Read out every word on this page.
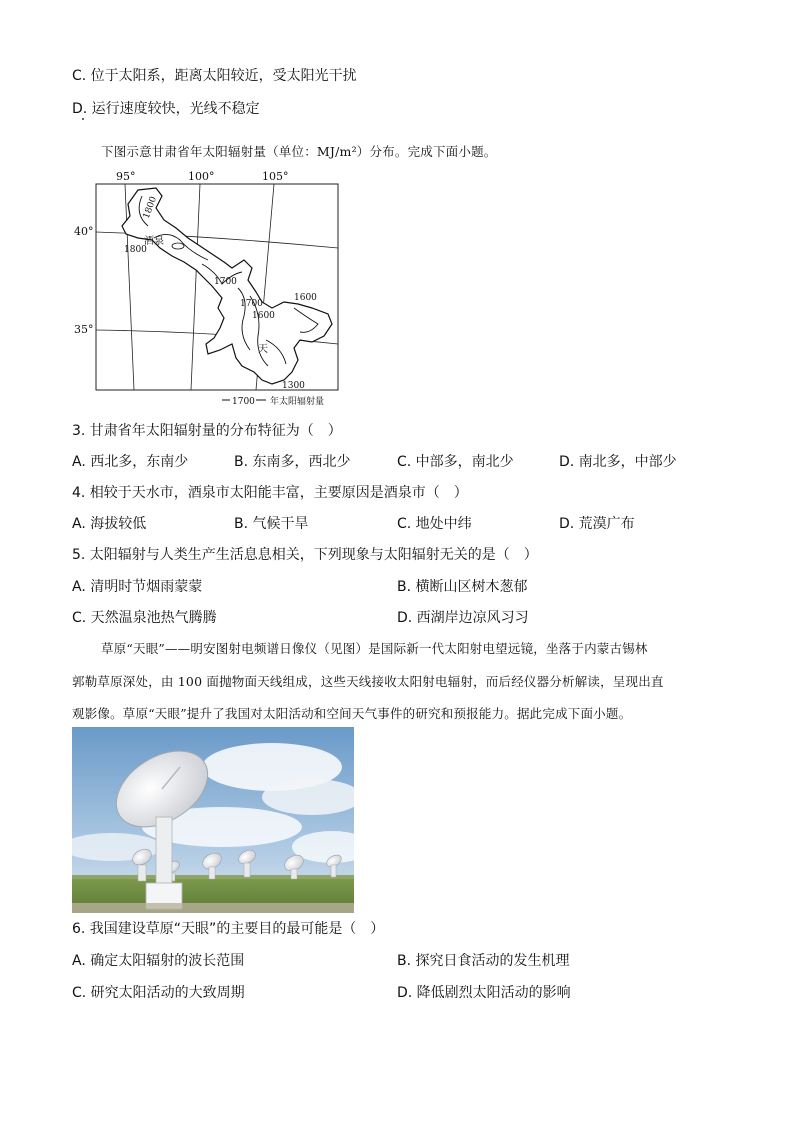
C. 位于太阳系，距离太阳较近，受太阳光干扰
D. 运行速度较快，光线不稳定
下图示意甘肃省年太阳辐射量（单位：MJ/m²）分布。完成下面小题。
95°	100°	105°
40°
35°
酒泉
天
1800
1800
1700
1700
1600
1600
1300
1700 年太阳辐射量
3. 甘肃省年太阳辐射量的分布特征为（　）
A. 西北多，东南少	B. 东南多，西北少	C. 中部多，南北少	D. 南北多，中部少
4. 相较于天水市，酒泉市太阳能丰富，主要原因是酒泉市（　）
A. 海拔较低	B. 气候干旱	C. 地处中纬	D. 荒漠广布
5. 太阳辐射与人类生产生活息息相关，下列现象与太阳辐射无关的是（　）
A. 清明时节烟雨蒙蒙	B. 横断山区树木葱郁
C. 天然温泉池热气腾腾	D. 西湖岸边凉风习习
草原“天眼”——明安图射电频谱日像仪（见图）是国际新一代太阳射电望远镜，坐落于内蒙古锡林
郭勒草原深处，由 100 面抛物面天线组成，这些天线接收太阳射电辐射，而后经仪器分析解读，呈现出直
观影像。草原“天眼”提升了我国对太阳活动和空间天气事件的研究和预报能力。据此完成下面小题。
6. 我国建设草原“天眼”的主要目的最可能是（　）
A. 确定太阳辐射的波长范围	B. 探究日食活动的发生机理
C. 研究太阳活动的大致周期	D. 降低剧烈太阳活动的影响
